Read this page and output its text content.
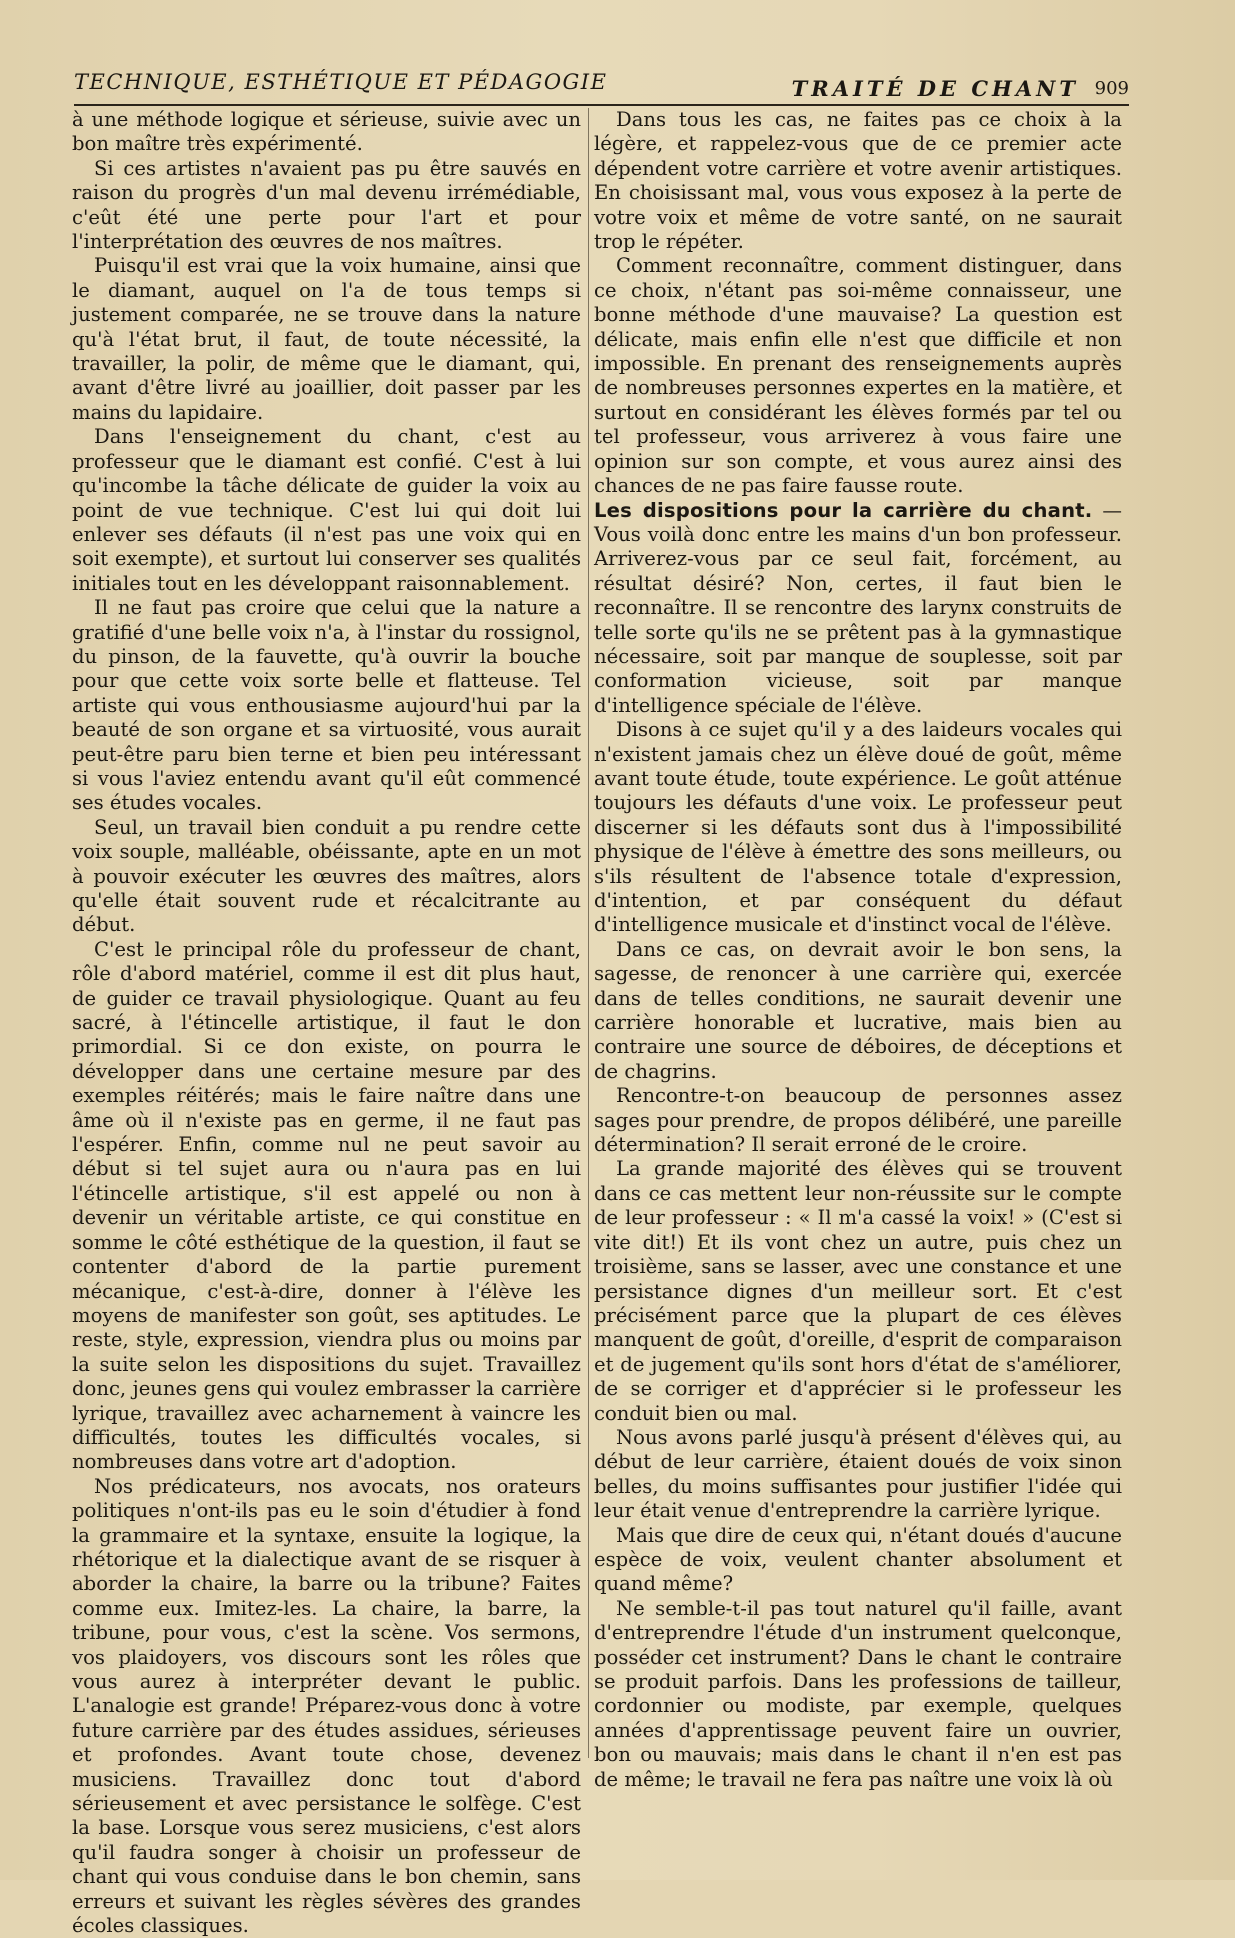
TECHNIQUE, ESTHÉTIQUE ET PÉDAGOGIE	TRAITÉ DE CHANT 909

à une méthode logique et sérieuse, suivie avec un bon maître très expérimenté.

Si ces artistes n'avaient pas pu être sauvés en raison du progrès d'un mal devenu irrémédiable, c'eût été une perte pour l'art et pour l'interprétation des œuvres de nos maîtres.

Puisqu'il est vrai que la voix humaine, ainsi que le diamant, auquel on l'a de tous temps si justement comparée, ne se trouve dans la nature qu'à l'état brut, il faut, de toute nécessité, la travailler, la polir, de même que le diamant, qui, avant d'être livré au joaillier, doit passer par les mains du lapidaire.

Dans l'enseignement du chant, c'est au professeur que le diamant est confié. C'est à lui qu'incombe la tâche délicate de guider la voix au point de vue technique. C'est lui qui doit lui enlever ses défauts (il n'est pas une voix qui en soit exempte), et surtout lui conserver ses qualités initiales tout en les développant raisonnablement.

Il ne faut pas croire que celui que la nature a gratifié d'une belle voix n'a, à l'instar du rossignol, du pinson, de la fauvette, qu'à ouvrir la bouche pour que cette voix sorte belle et flatteuse. Tel artiste qui vous enthousiasme aujourd'hui par la beauté de son organe et sa virtuosité, vous aurait peut-être paru bien terne et bien peu intéressant si vous l'aviez entendu avant qu'il eût commencé ses études vocales.

Seul, un travail bien conduit a pu rendre cette voix souple, malléable, obéissante, apte en un mot à pouvoir exécuter les œuvres des maîtres, alors qu'elle était souvent rude et récalcitrante au début.

C'est le principal rôle du professeur de chant, rôle d'abord matériel, comme il est dit plus haut, de guider ce travail physiologique. Quant au feu sacré, à l'étincelle artistique, il faut le don primordial. Si ce don existe, on pourra le développer dans une certaine mesure par des exemples réitérés; mais le faire naître dans une âme où il n'existe pas en germe, il ne faut pas l'espérer. Enfin, comme nul ne peut savoir au début si tel sujet aura ou n'aura pas en lui l'étincelle artistique, s'il est appelé ou non à devenir un véritable artiste, ce qui constitue en somme le côté esthétique de la question, il faut se contenter d'abord de la partie purement mécanique, c'est-à-dire, donner à l'élève les moyens de manifester son goût, ses aptitudes. Le reste, style, expression, viendra plus ou moins par la suite selon les dispositions du sujet. Travaillez donc, jeunes gens qui voulez embrasser la carrière lyrique, travaillez avec acharnement à vaincre les difficultés, toutes les difficultés vocales, si nombreuses dans votre art d'adoption.

Nos prédicateurs, nos avocats, nos orateurs politiques n'ont-ils pas eu le soin d'étudier à fond la grammaire et la syntaxe, ensuite la logique, la rhétorique et la dialectique avant de se risquer à aborder la chaire, la barre ou la tribune? Faites comme eux. Imitez-les. La chaire, la barre, la tribune, pour vous, c'est la scène. Vos sermons, vos plaidoyers, vos discours sont les rôles que vous aurez à interpréter devant le public. L'analogie est grande! Préparez-vous donc à votre future carrière par des études assidues, sérieuses et profondes. Avant toute chose, devenez musiciens. Travaillez donc tout d'abord sérieusement et avec persistance le solfège. C'est la base. Lorsque vous serez musiciens, c'est alors qu'il faudra songer à choisir un professeur de chant qui vous conduise dans le bon chemin, sans erreurs et suivant les règles sévères des grandes écoles classiques.

Dans tous les cas, ne faites pas ce choix à la légère, et rappelez-vous que de ce premier acte dépendent votre carrière et votre avenir artistiques. En choisissant mal, vous vous exposez à la perte de votre voix et même de votre santé, on ne saurait trop le répéter.

Comment reconnaître, comment distinguer, dans ce choix, n'étant pas soi-même connaisseur, une bonne méthode d'une mauvaise? La question est délicate, mais enfin elle n'est que difficile et non impossible. En prenant des renseignements auprès de nombreuses personnes expertes en la matière, et surtout en considérant les élèves formés par tel ou tel professeur, vous arriverez à vous faire une opinion sur son compte, et vous aurez ainsi des chances de ne pas faire fausse route.

Les dispositions pour la carrière du chant. — Vous voilà donc entre les mains d'un bon professeur. Arriverez-vous par ce seul fait, forcément, au résultat désiré? Non, certes, il faut bien le reconnaître. Il se rencontre des larynx construits de telle sorte qu'ils ne se prêtent pas à la gymnastique nécessaire, soit par manque de souplesse, soit par conformation vicieuse, soit par manque d'intelligence spéciale de l'élève.

Disons à ce sujet qu'il y a des laideurs vocales qui n'existent jamais chez un élève doué de goût, même avant toute étude, toute expérience. Le goût atténue toujours les défauts d'une voix. Le professeur peut discerner si les défauts sont dus à l'impossibilité physique de l'élève à émettre des sons meilleurs, ou s'ils résultent de l'absence totale d'expression, d'intention, et par conséquent du défaut d'intelligence musicale et d'instinct vocal de l'élève.

Dans ce cas, on devrait avoir le bon sens, la sagesse, de renoncer à une carrière qui, exercée dans de telles conditions, ne saurait devenir une carrière honorable et lucrative, mais bien au contraire une source de déboires, de déceptions et de chagrins.

Rencontre-t-on beaucoup de personnes assez sages pour prendre, de propos délibéré, une pareille détermination? Il serait erroné de le croire.

La grande majorité des élèves qui se trouvent dans ce cas mettent leur non-réussite sur le compte de leur professeur : « Il m'a cassé la voix! » (C'est si vite dit!) Et ils vont chez un autre, puis chez un troisième, sans se lasser, avec une constance et une persistance dignes d'un meilleur sort. Et c'est précisément parce que la plupart de ces élèves manquent de goût, d'oreille, d'esprit de comparaison et de jugement qu'ils sont hors d'état de s'améliorer, de se corriger et d'apprécier si le professeur les conduit bien ou mal.

Nous avons parlé jusqu'à présent d'élèves qui, au début de leur carrière, étaient doués de voix sinon belles, du moins suffisantes pour justifier l'idée qui leur était venue d'entreprendre la carrière lyrique.

Mais que dire de ceux qui, n'étant doués d'aucune espèce de voix, veulent chanter absolument et quand même?

Ne semble-t-il pas tout naturel qu'il faille, avant d'entreprendre l'étude d'un instrument quelconque, posséder cet instrument? Dans le chant le contraire se produit parfois. Dans les professions de tailleur, cordonnier ou modiste, par exemple, quelques années d'apprentissage peuvent faire un ouvrier, bon ou mauvais; mais dans le chant il n'en est pas de même; le travail ne fera pas naître une voix là où
